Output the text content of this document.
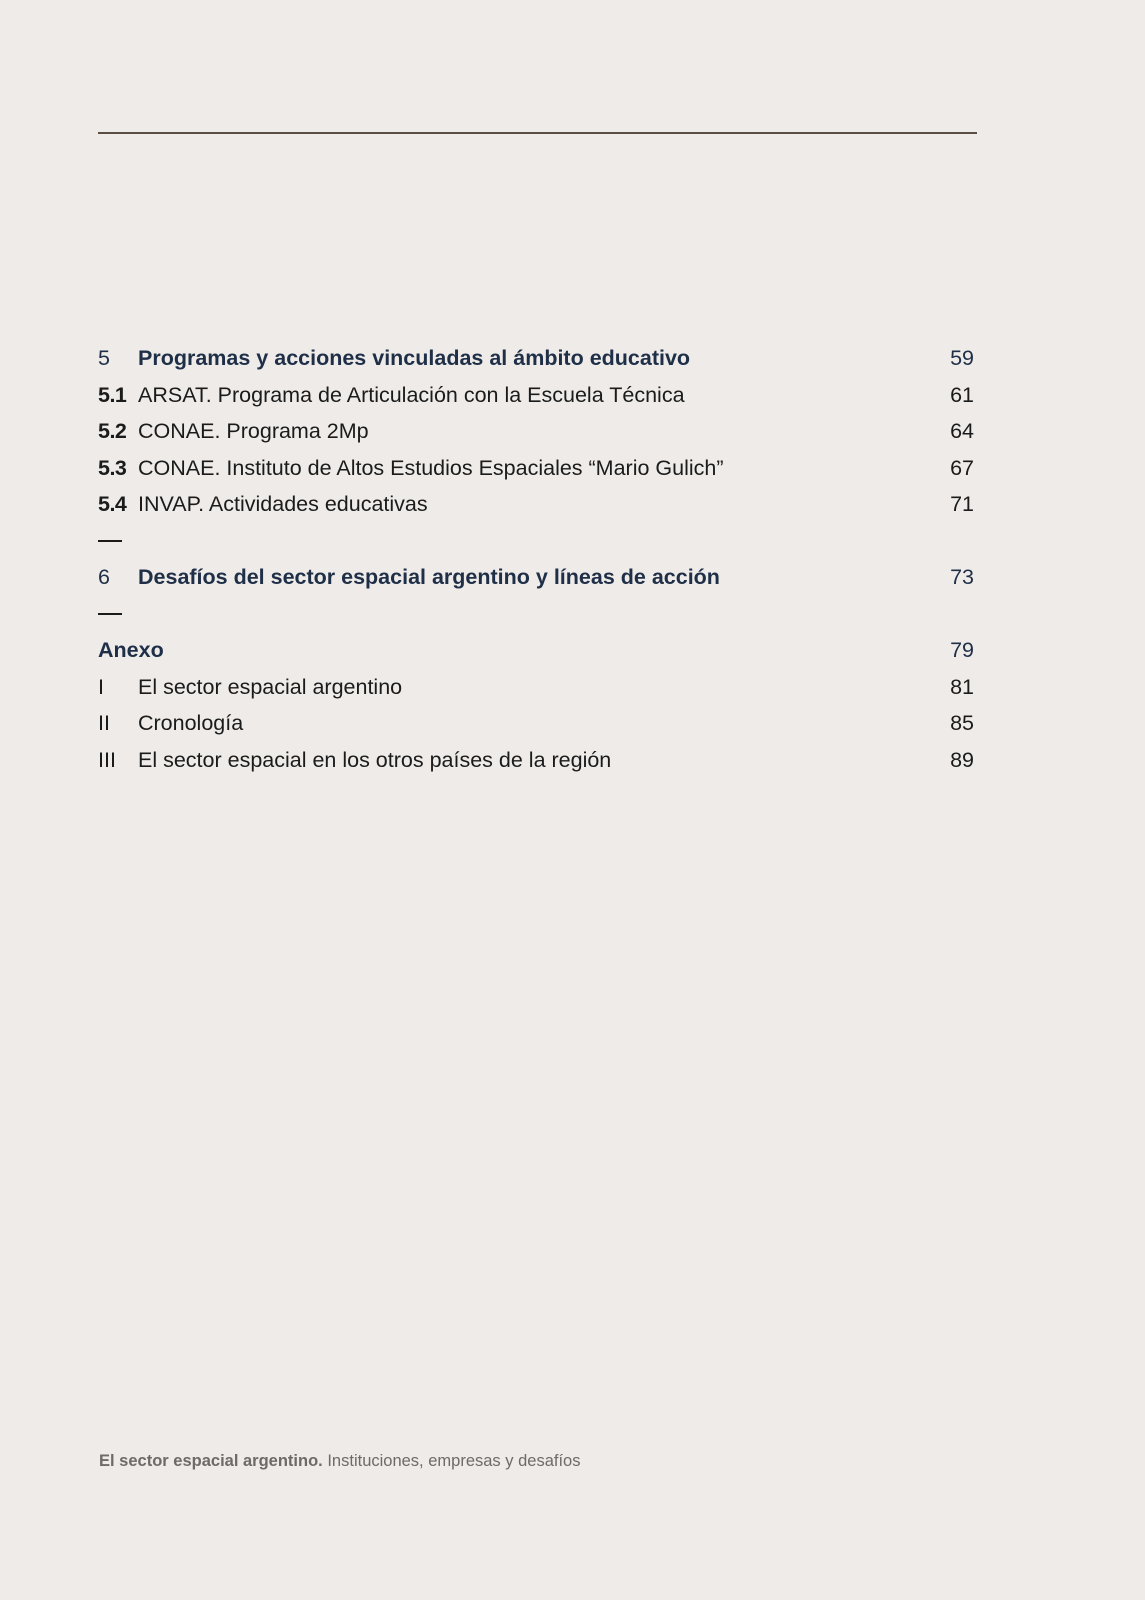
5 Programas y acciones vinculadas al ámbito educativo	59
5.1 ARSAT. Programa de Articulación con la Escuela Técnica	61
5.2 CONAE. Programa 2Mp	64
5.3 CONAE. Instituto de Altos Estudios Espaciales “Mario Gulich”	67
5.4 INVAP. Actividades educativas	71
6 Desafíos del sector espacial argentino y líneas de acción	73
Anexo	79
I El sector espacial argentino	81
II Cronología	85
III El sector espacial en los otros países de la región	89
El sector espacial argentino. Instituciones, empresas y desafíos
